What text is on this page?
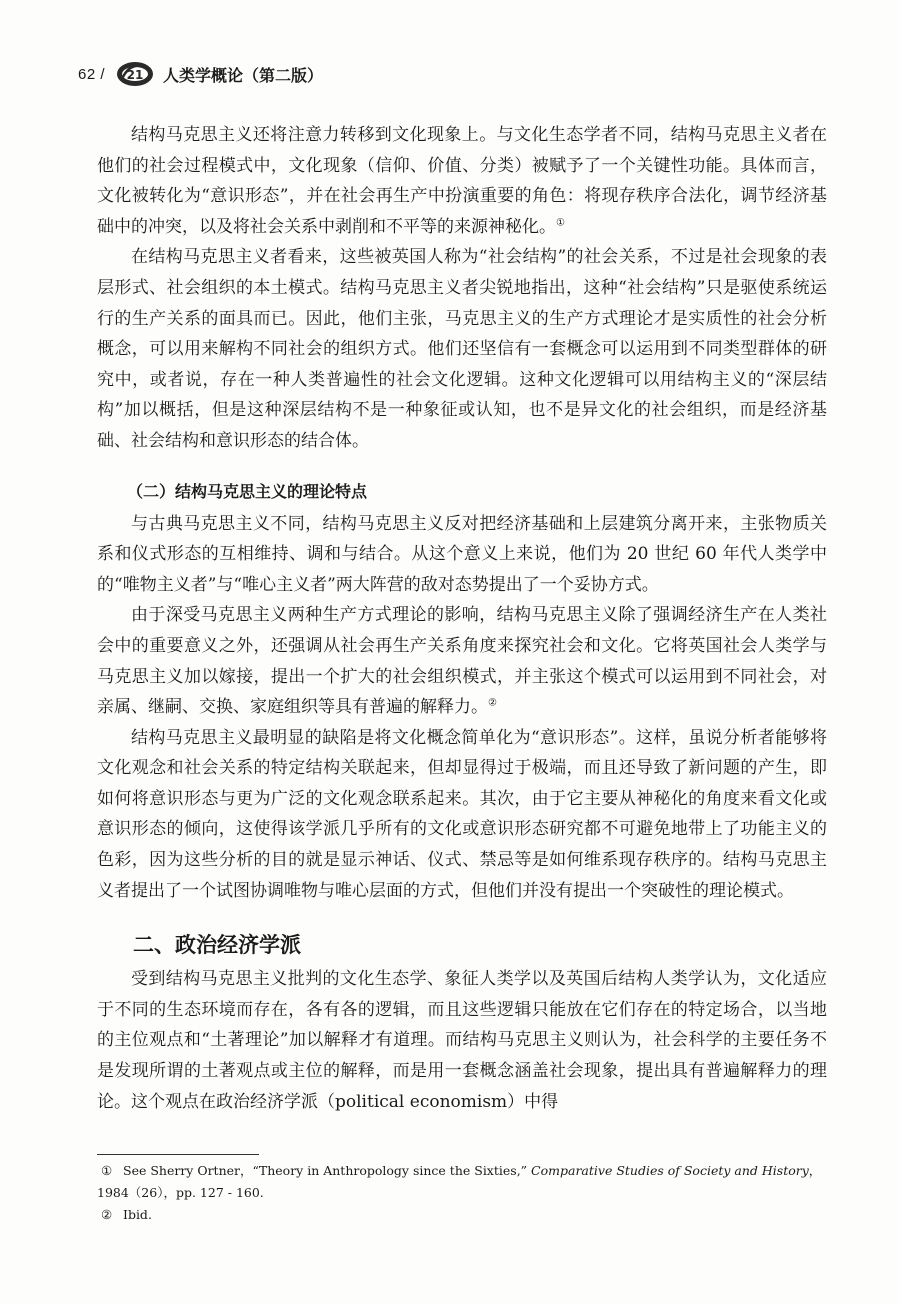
62 / 21 人类学概论（第二版）

结构马克思主义还将注意力转移到文化现象上。与文化生态学者不同，结构马克思主义者在他们的社会过程模式中，文化现象（信仰、价值、分类）被赋予了一个关键性功能。具体而言，文化被转化为“意识形态”，并在社会再生产中扮演重要的角色：将现存秩序合法化，调节经济基础中的冲突，以及将社会关系中剥削和不平等的来源神秘化。①

在结构马克思主义者看来，这些被英国人称为“社会结构”的社会关系，不过是社会现象的表层形式、社会组织的本土模式。结构马克思主义者尖锐地指出，这种“社会结构”只是驱使系统运行的生产关系的面具而已。因此，他们主张，马克思主义的生产方式理论才是实质性的社会分析概念，可以用来解构不同社会的组织方式。他们还坚信有一套概念可以运用到不同类型群体的研究中，或者说，存在一种人类普遍性的社会文化逻辑。这种文化逻辑可以用结构主义的“深层结构”加以概括，但是这种深层结构不是一种象征或认知，也不是异文化的社会组织，而是经济基础、社会结构和意识形态的结合体。

（二）结构马克思主义的理论特点

与古典马克思主义不同，结构马克思主义反对把经济基础和上层建筑分离开来，主张物质关系和仪式形态的互相维持、调和与结合。从这个意义上来说，他们为 20 世纪 60 年代人类学中的“唯物主义者”与“唯心主义者”两大阵营的敌对态势提出了一个妥协方式。

由于深受马克思主义两种生产方式理论的影响，结构马克思主义除了强调经济生产在人类社会中的重要意义之外，还强调从社会再生产关系角度来探究社会和文化。它将英国社会人类学与马克思主义加以嫁接，提出一个扩大的社会组织模式，并主张这个模式可以运用到不同社会，对亲属、继嗣、交换、家庭组织等具有普遍的解释力。②

结构马克思主义最明显的缺陷是将文化概念简单化为“意识形态”。这样，虽说分析者能够将文化观念和社会关系的特定结构关联起来，但却显得过于极端，而且还导致了新问题的产生，即如何将意识形态与更为广泛的文化观念联系起来。其次，由于它主要从神秘化的角度来看文化或意识形态的倾向，这使得该学派几乎所有的文化或意识形态研究都不可避免地带上了功能主义的色彩，因为这些分析的目的就是显示神话、仪式、禁忌等是如何维系现存秩序的。结构马克思主义者提出了一个试图协调唯物与唯心层面的方式，但他们并没有提出一个突破性的理论模式。

二、政治经济学派

受到结构马克思主义批判的文化生态学、象征人类学以及英国后结构人类学认为，文化适应于不同的生态环境而存在，各有各的逻辑，而且这些逻辑只能放在它们存在的特定场合，以当地的主位观点和“土著理论”加以解释才有道理。而结构马克思主义则认为，社会科学的主要任务不是发现所谓的土著观点或主位的解释，而是用一套概念涵盖社会现象，提出具有普遍解释力的理论。这个观点在政治经济学派（political economism）中得

① See Sherry Ortner，“Theory in Anthropology since the Sixties,” Comparative Studies of Society and History，

1984（26），pp. 127 - 160.

② Ibid.
